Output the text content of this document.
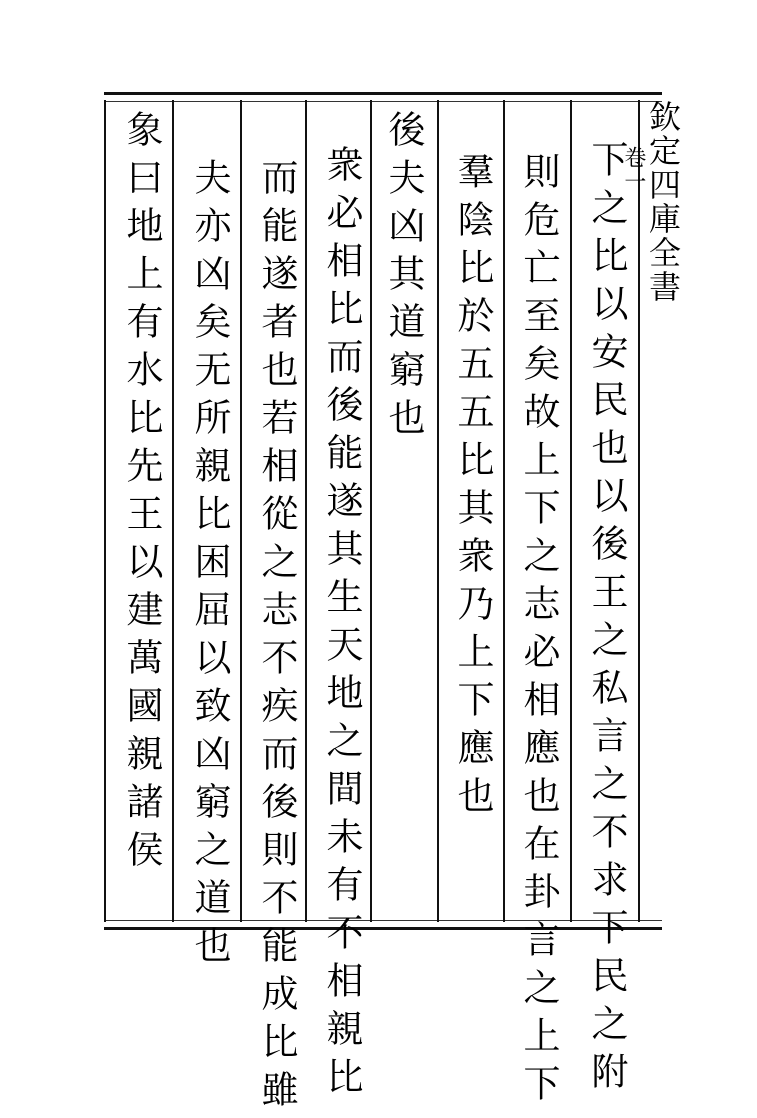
欽定四庫全書
卷一
下之比以安民也以後王之私言之不求下民之附
則危亡至矣故上下之志必相應也在卦言之上下
羣陰比於五五比其衆乃上下應也
後夫凶其道窮也
衆必相比而後能遂其生天地之間未有不相親比
而能遂者也若相從之志不疾而後則不能成比雖
夫亦凶矣无所親比困屈以致凶窮之道也
象曰地上有水比先王以建萬國親諸侯
